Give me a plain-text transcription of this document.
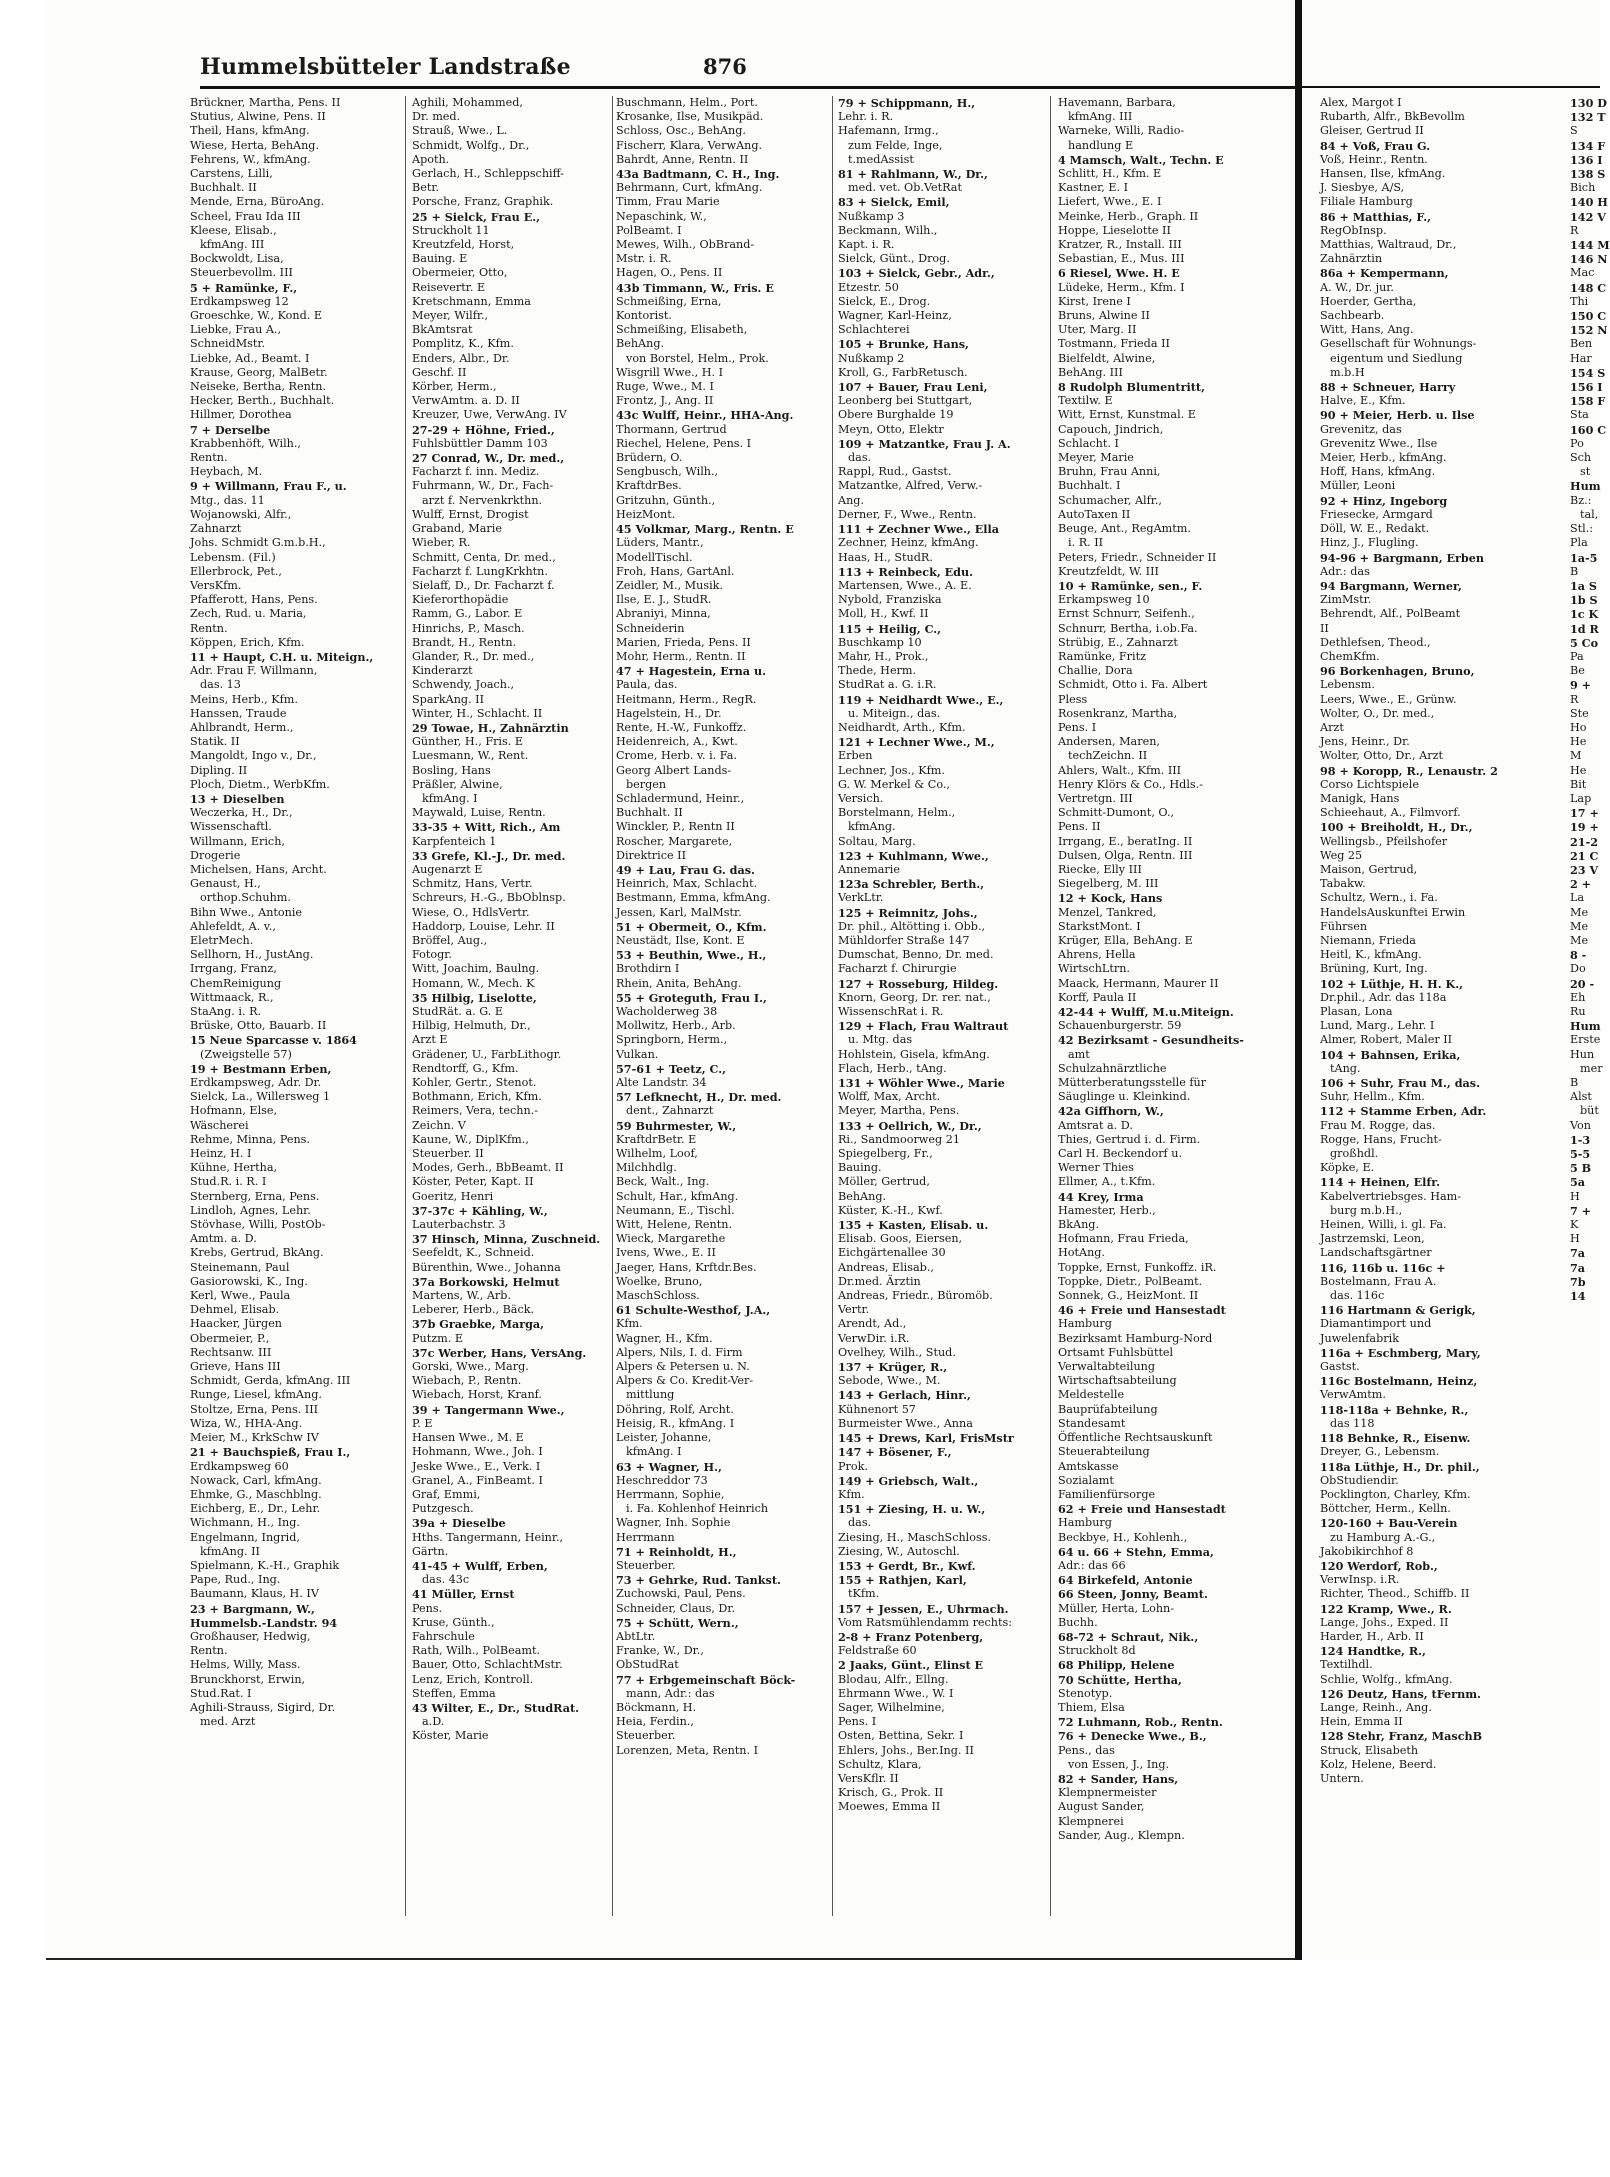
Hummelsbütteler Landstraße	876
Brückner, Martha, Pens. II
Stutius, Alwine, Pens. II
Theil, Hans, kfmAng.
Wiese, Herta, BehAng.
Fehrens, W., kfmAng.
Carstens, Lilli,
Buchhalt. II
Mende, Erna, BüroAng.
Scheel, Frau Ida III
Kleese, Elisab.,
kfmAng. III
Bockwoldt, Lisa,
Steuerbevollm. III
5 + Ramünke, F.,
Erdkampsweg 12
Groeschke, W., Kond. E
Liebke, Frau A.,
SchneidMstr.
Liebke, Ad., Beamt. I
Krause, Georg, MalBetr.
Neiseke, Bertha, Rentn.
Hecker, Berth., Buchhalt.
Hillmer, Dorothea
7 + Derselbe
Krabbenhöft, Wilh.,
Rentn.
Heybach, M.
9 + Willmann, Frau F., u.
Mtg., das. 11
Wojanowski, Alfr.,
Zahnarzt
Johs. Schmidt G.m.b.H.,
Lebensm. (Fil.)
Ellerbrock, Pet.,
VersKfm.
Pfafferott, Hans, Pens.
Zech, Rud. u. Maria,
Rentn.
Köppen, Erich, Kfm.
11 + Haupt, C.H. u. Miteign.,
Adr. Frau F. Willmann,
das. 13
Meins, Herb., Kfm.
Hanssen, Traude
Ahlbrandt, Herm.,
Statik. II
Mangoldt, Ingo v., Dr.,
Dipling. II
Ploch, Dietm., WerbKfm.
13 + Dieselben
Weczerka, H., Dr.,
Wissenschaftl.
Willmann, Erich,
Drogerie
Michelsen, Hans, Archt.
Genaust, H.,
orthop.Schuhm.
Bihn Wwe., Antonie
Ahlefeldt, A. v.,
EletrMech.
Sellhorn, H., JustAng.
Irrgang, Franz,
ChemReinigung
Wittmaack, R.,
StaAng. i. R.
Brüske, Otto, Bauarb. II
15 Neue Sparcasse v. 1864
(Zweigstelle 57)
19 + Bestmann Erben,
Erdkampsweg, Adr. Dr.
Sielck, La., Willersweg 1
Hofmann, Else,
Wäscherei
Rehme, Minna, Pens.
Heinz, H. I
Kühne, Hertha,
Stud.R. i. R. I
Sternberg, Erna, Pens.
Lindloh, Agnes, Lehr.
Stövhase, Willi, PostOb-
Amtm. a. D.
Krebs, Gertrud, BkAng.
Steinemann, Paul
Gasiorowski, K., Ing.
Kerl, Wwe., Paula
Dehmel, Elisab.
Haacker, Jürgen
Obermeier, P.,
Rechtsanw. III
Grieve, Hans III
Schmidt, Gerda, kfmAng. III
Runge, Liesel, kfmAng.
Stoltze, Erna, Pens. III
Wiza, W., HHA-Ang.
Meier, M., KrkSchw IV
21 + Bauchspieß, Frau I.,
Erdkampsweg 60
Nowack, Carl, kfmAng.
Ehmke, G., Maschblng.
Eichberg, E., Dr., Lehr.
Wichmann, H., Ing.
Engelmann, Ingrid,
kfmAng. II
Spielmann, K.-H., Graphik
Pape, Rud., Ing.
Baumann, Klaus, H. IV
23 + Bargmann, W.,
Hummelsb.-Landstr. 94
Großhauser, Hedwig,
Rentn.
Helms, Willy, Mass.
Brunckhorst, Erwin,
Stud.Rat. I
Aghili-Strauss, Sigird, Dr.
med. Arzt
Aghili, Mohammed,
Dr. med.
Strauß, Wwe., L.
Schmidt, Wolfg., Dr.,
Apoth.
Gerlach, H., Schleppschiff-
Betr.
Porsche, Franz, Graphik.
25 + Sielck, Frau E.,
Struckholt 11
Kreutzfeld, Horst,
Bauing. E
Obermeier, Otto,
Reisevertr. E
Kretschmann, Emma
Meyer, Wilfr.,
BkAmtsrat
Pomplitz, K., Kfm.
Enders, Albr., Dr.
Geschf. II
Körber, Herm.,
VerwAmtm. a. D. II
Kreuzer, Uwe, VerwAng. IV
27-29 + Höhne, Fried.,
Fuhlsbüttler Damm 103
27 Conrad, W., Dr. med.,
Facharzt f. inn. Mediz.
Fuhrmann, W., Dr., Fach-
arzt f. Nervenkrkthn.
Wulff, Ernst, Drogist
Graband, Marie
Wieber, R.
Schmitt, Centa, Dr. med.,
Facharzt f. LungKrkhtn.
Sielaff, D., Dr. Facharzt f.
Kieferorthopädie
Ramm, G., Labor. E
Hinrichs, P., Masch.
Brandt, H., Rentn.
Glander, R., Dr. med.,
Kinderarzt
Schwendy, Joach.,
SparkAng. II
Winter, H., Schlacht. II
29 Towae, H., Zahnärztin
Günther, H., Fris. E
Luesmann, W., Rent.
Bosling, Hans
Präßler, Alwine,
kfmAng. I
Maywald, Luise, Rentn.
33-35 + Witt, Rich., Am
Karpfenteich 1
33 Grefe, Kl.-J., Dr. med.
Augenarzt E
Schmitz, Hans, Vertr.
Schreurs, H.-G., BbOblnsp.
Wiese, O., HdlsVertr.
Haddorp, Louise, Lehr. II
Bröffel, Aug.,
Fotogr.
Witt, Joachim, Baulng.
Homann, W., Mech. K
35 Hilbig, Liselotte,
StudRät. a. G. E
Hilbig, Helmuth, Dr.,
Arzt E
Grädener, U., FarbLithogr.
Rendtorff, G., Kfm.
Kohler, Gertr., Stenot.
Bothmann, Erich, Kfm.
Reimers, Vera, techn.-
Zeichn. V
Kaune, W., DiplKfm.,
Steuerber. II
Modes, Gerh., BbBeamt. II
Köster, Peter, Kapt. II
Goeritz, Henri
37-37c + Kähling, W.,
Lauterbachstr. 3
37 Hinsch, Minna, Zuschneid.
Seefeldt, K., Schneid.
Bürenthin, Wwe., Johanna
37a Borkowski, Helmut
Martens, W., Arb.
Leberer, Herb., Bäck.
37b Graebke, Marga,
Putzm. E
37c Werber, Hans, VersAng.
Gorski, Wwe., Marg.
Wiebach, P., Rentn.
Wiebach, Horst, Kranf.
39 + Tangermann Wwe.,
P. E
Hansen Wwe., M. E
Hohmann, Wwe., Joh. I
Jeske Wwe., E., Verk. I
Granel, A., FinBeamt. I
Graf, Emmi,
Putzgesch.
39a + Dieselbe
Hths. Tangermann, Heinr.,
Gärtn.
41-45 + Wulff, Erben,
das. 43c
41 Müller, Ernst
Pens.
Kruse, Günth.,
Fahrschule
Rath, Wilh., PolBeamt.
Bauer, Otto, SchlachtMstr.
Lenz, Erich, Kontroll.
Steffen, Emma
43 Wilter, E., Dr., StudRat.
a.D.
Köster, Marie
Buschmann, Helm., Port.
Krosanke, Ilse, Musikpäd.
Schloss, Osc., BehAng.
Fischerr, Klara, VerwAng.
Bahrdt, Anne, Rentn. II
43a Badtmann, C. H., Ing.
Behrmann, Curt, kfmAng.
Timm, Frau Marie
Nepaschink, W.,
PolBeamt. I
Mewes, Wilh., ObBrand-
Mstr. i. R.
Hagen, O., Pens. II
43b Timmann, W., Fris. E
Schmeißing, Erna,
Kontorist.
Schmeißing, Elisabeth,
BehAng.
von Borstel, Helm., Prok.
Wisgrill Wwe., H. I
Ruge, Wwe., M. I
Frontz, J., Ang. II
43c Wulff, Heinr., HHA-Ang.
Thormann, Gertrud
Riechel, Helene, Pens. I
Brüdern, O.
Sengbusch, Wilh.,
KraftdrBes.
Gritzuhn, Günth.,
HeizMont.
45 Volkmar, Marg., Rentn. E
Lüders, Mantr.,
ModellTischl.
Froh, Hans, GartAnl.
Zeidler, M., Musik.
Ilse, E. J., StudR.
Abraniyi, Minna,
Schneiderin
Marien, Frieda, Pens. II
Mohr, Herm., Rentn. II
47 + Hagestein, Erna u.
Paula, das.
Heitmann, Herm., RegR.
Hagelstein, H., Dr.
Rente, H.-W., Funkoffz.
Heidenreich, A., Kwt.
Crome, Herb. v. i. Fa.
Georg Albert Lands-
bergen
Schladermund, Heinr.,
Buchhalt. II
Winckler, P., Rentn II
Roscher, Margarete,
Direktrice II
49 + Lau, Frau G. das.
Heinrich, Max, Schlacht.
Bestmann, Emma, kfmAng.
Jessen, Karl, MalMstr.
51 + Obermeit, O., Kfm.
Neustädt, Ilse, Kont. E
53 + Beuthin, Wwe., H.,
Brothdirn I
Rhein, Anita, BehAng.
55 + Groteguth, Frau I.,
Wacholderweg 38
Mollwitz, Herb., Arb.
Springborn, Herm.,
Vulkan.
57-61 + Teetz, C.,
Alte Landstr. 34
57 Lefknecht, H., Dr. med.
dent., Zahnarzt
59 Buhrmester, W.,
KraftdrBetr. E
Wilhelm, Loof,
Milchhdlg.
Beck, Walt., Ing.
Schult, Har., kfmAng.
Neumann, E., Tischl.
Witt, Helene, Rentn.
Wieck, Margarethe
Ivens, Wwe., E. II
Jaeger, Hans, Krftdr.Bes.
Woelke, Bruno,
MaschSchloss.
61 Schulte-Westhof, J.A.,
Kfm.
Wagner, H., Kfm.
Alpers, Nils, I. d. Firm
Alpers & Petersen u. N.
Alpers & Co. Kredit-Ver-
mittlung
Döhring, Rolf, Archt.
Heisig, R., kfmAng. I
Leister, Johanne,
kfmAng. I
63 + Wagner, H.,
Heschreddor 73
Herrmann, Sophie,
i. Fa. Kohlenhof Heinrich
Wagner, Inh. Sophie
Herrmann
71 + Reinholdt, H.,
Steuerber.
73 + Gehrke, Rud. Tankst.
Zuchowski, Paul, Pens.
Schneider, Claus, Dr.
75 + Schütt, Wern.,
AbtLtr.
Franke, W., Dr.,
ObStudRat
77 + Erbgemeinschaft Böck-
mann, Adr.: das
Böckmann, H.
Heia, Ferdin.,
Steuerber.
Lorenzen, Meta, Rentn. I
79 + Schippmann, H.,
Lehr. i. R.
Hafemann, Irmg.,
zum Felde, Inge,
t.medAssist
81 + Rahlmann, W., Dr.,
med. vet. Ob.VetRat
83 + Sielck, Emil,
Nußkamp 3
Beckmann, Wilh.,
Kapt. i. R.
Sielck, Günt., Drog.
103 + Sielck, Gebr., Adr.,
Etzestr. 50
Sielck, E., Drog.
Wagner, Karl-Heinz,
Schlachterei
105 + Brunke, Hans,
Nußkamp 2
Kroll, G., FarbRetusch.
107 + Bauer, Frau Leni,
Leonberg bei Stuttgart,
Obere Burghalde 19
Meyn, Otto, Elektr
109 + Matzantke, Frau J. A.
das.
Rappl, Rud., Gastst.
Matzantke, Alfred, Verw.-
Ang.
Derner, F., Wwe., Rentn.
111 + Zechner Wwe., Ella
Zechner, Heinz, kfmAng.
Haas, H., StudR.
113 + Reinbeck, Edu.
Martensen, Wwe., A. E.
Nybold, Franziska
Moll, H., Kwf. II
115 + Heilig, C.,
Buschkamp 10
Mahr, H., Prok.,
Thede, Herm.
StudRat a. G. i.R.
119 + Neidhardt Wwe., E.,
u. Miteign., das.
Neidhardt, Arth., Kfm.
121 + Lechner Wwe., M.,
Erben
Lechner, Jos., Kfm.
G. W. Merkel & Co.,
Versich.
Borstelmann, Helm.,
kfmAng.
Soltau, Marg.
123 + Kuhlmann, Wwe.,
Annemarie
123a Schrebler, Berth.,
VerkLtr.
125 + Reimnitz, Johs.,
Dr. phil., Altötting i. Obb.,
Mühldorfer Straße 147
Dumschat, Benno, Dr. med.
Facharzt f. Chirurgie
127 + Rosseburg, Hildeg.
Knorn, Georg, Dr. rer. nat.,
WissenschRat i. R.
129 + Flach, Frau Waltraut
u. Mtg. das
Hohlstein, Gisela, kfmAng.
Flach, Herb., tAng.
131 + Wöhler Wwe., Marie
Wolff, Max, Archt.
Meyer, Martha, Pens.
133 + Oellrich, W., Dr.,
Ri., Sandmoorweg 21
Spiegelberg, Fr.,
Bauing.
Möller, Gertrud,
BehAng.
Küster, K.-H., Kwf.
135 + Kasten, Elisab. u.
Elisab. Goos, Eiersen,
Eichgärtenallee 30
Andreas, Elisab.,
Dr.med. Ärztin
Andreas, Friedr., Büromöb.
Vertr.
Arendt, Ad.,
VerwDir. i.R.
Ovelhey, Wilh., Stud.
137 + Krüger, R.,
Sebode, Wwe., M.
143 + Gerlach, Hinr.,
Kühnenort 57
Burmeister Wwe., Anna
145 + Drews, Karl, FrisMstr
147 + Bösener, F.,
Prok.
149 + Griebsch, Walt.,
Kfm.
151 + Ziesing, H. u. W.,
das.
Ziesing, H., MaschSchloss.
Ziesing, W., Autoschl.
153 + Gerdt, Br., Kwf.
155 + Rathjen, Karl,
tKfm.
157 + Jessen, E., Uhrmach.
Vom Ratsmühlendamm rechts:
2-8 + Franz Potenberg,
Feldstraße 60
2 Jaaks, Günt., Elinst E
Blodau, Alfr., Ellng.
Ehrmann Wwe., W. I
Sager, Wilhelmine,
Pens. I
Osten, Bettina, Sekr. I
Ehlers, Johs., Ber.Ing. II
Schultz, Klara,
VersKflr. II
Krisch, G., Prok. II
Moewes, Emma II
Havemann, Barbara,
kfmAng. III
Warneke, Willi, Radio-
handlung E
4 Mamsch, Walt., Techn. E
Schlitt, H., Kfm. E
Kastner, E. I
Liefert, Wwe., E. I
Meinke, Herb., Graph. II
Hoppe, Lieselotte II
Kratzer, R., Install. III
Sebastian, E., Mus. III
6 Riesel, Wwe. H. E
Lüdeke, Herm., Kfm. I
Kirst, Irene I
Bruns, Alwine II
Uter, Marg. II
Tostmann, Frieda II
Bielfeldt, Alwine,
BehAng. III
8 Rudolph Blumentritt,
Textilw. E
Witt, Ernst, Kunstmal. E
Capouch, Jindrich,
Schlacht. I
Meyer, Marie
Bruhn, Frau Anni,
Buchhalt. I
Schumacher, Alfr.,
AutoTaxen II
Beuge, Ant., RegAmtm.
i. R. II
Peters, Friedr., Schneider II
Kreutzfeldt, W. III
10 + Ramünke, sen., F.
Erkampsweg 10
Ernst Schnurr, Seifenh.,
Schnurr, Bertha, i.ob.Fa.
Strübig, E., Zahnarzt
Ramünke, Fritz
Challie, Dora
Schmidt, Otto i. Fa. Albert
Pless
Rosenkranz, Martha,
Pens. I
Andersen, Maren,
techZeichn. II
Ahlers, Walt., Kfm. III
Henry Klörs & Co., Hdls.-
Vertretgn. III
Schmitt-Dumont, O.,
Pens. II
Irrgang, E., beratIng. II
Dulsen, Olga, Rentn. III
Riecke, Elly III
Siegelberg, M. III
12 + Kock, Hans
Menzel, Tankred,
StarkstMont. I
Krüger, Ella, BehAng. E
Ahrens, Hella
WirtschLtrn.
Maack, Hermann, Maurer II
Korff, Paula II
42-44 + Wulff, M.u.Miteign.
Schauenburgerstr. 59
42 Bezirksamt - Gesundheits-
amt
Schulzahnärztliche
Mütterberatungsstelle für
Säuglinge u. Kleinkind.
42a Giffhorn, W.,
Amtsrat a. D.
Thies, Gertrud i. d. Firm.
Carl H. Beckendorf u.
Werner Thies
Ellmer, A., t.Kfm.
44 Krey, Irma
Hamester, Herb.,
BkAng.
Hofmann, Frau Frieda,
HotAng.
Toppke, Ernst, Funkoffz. iR.
Toppke, Dietr., PolBeamt.
Sonnek, G., HeizMont. II
46 + Freie und Hansestadt
Hamburg
Bezirksamt Hamburg-Nord
Ortsamt Fuhlsbüttel
Verwaltabteilung
Wirtschaftsabteilung
Meldestelle
Bauprüfabteilung
Standesamt
Öffentliche Rechtsauskunft
Steuerabteilung
Amtskasse
Sozialamt
Familienfürsorge
62 + Freie und Hansestadt
Hamburg
Beckbye, H., Kohlenh.,
64 u. 66 + Stehn, Emma,
Adr.: das 66
64 Birkefeld, Antonie
66 Steen, Jonny, Beamt.
Müller, Herta, Lohn-
Buchh.
68-72 + Schraut, Nik.,
Struckholt 8d
68 Philipp, Helene
70 Schütte, Hertha,
Stenotyp.
Thiem, Elsa
72 Luhmann, Rob., Rentn.
76 + Denecke Wwe., B.,
Pens., das
von Essen, J., Ing.
82 + Sander, Hans,
Klempnermeister
August Sander,
Klempnerei
Sander, Aug., Klempn.
Alex, Margot I
Rubarth, Alfr., BkBevollm
Gleiser, Gertrud II
84 + Voß, Frau G.
Voß, Heinr., Rentn.
Hansen, Ilse, kfmAng.
J. Siesbye, A/S,
Filiale Hamburg
86 + Matthias, F.,
RegObInsp.
Matthias, Waltraud, Dr.,
Zahnärztin
86a + Kempermann,
A. W., Dr. jur.
Hoerder, Gertha,
Sachbearb.
Witt, Hans, Ang.
Gesellschaft für Wohnungs-
eigentum und Siedlung
m.b.H
88 + Schneuer, Harry
Halve, E., Kfm.
90 + Meier, Herb. u. Ilse
Grevenitz, das
Grevenitz Wwe., Ilse
Meier, Herb., kfmAng.
Hoff, Hans, kfmAng.
Müller, Leoni
92 + Hinz, Ingeborg
Friesecke, Armgard
Döll, W. E., Redakt.
Hinz, J., Flugling.
94-96 + Bargmann, Erben
Adr.: das
94 Bargmann, Werner,
ZimMstr.
Behrendt, Alf., PolBeamt
II
Dethlefsen, Theod.,
ChemKfm.
96 Borkenhagen, Bruno,
Lebensm.
Leers, Wwe., E., Grünw.
Wolter, O., Dr. med.,
Arzt
Jens, Heinr., Dr.
Wolter, Otto, Dr., Arzt
98 + Koropp, R., Lenaustr. 2
Corso Lichtspiele
Manigk, Hans
Schieehaut, A., Filmvorf.
100 + Breiholdt, H., Dr.,
Wellingsb., Pfeilshofer
Weg 25
Maison, Gertrud,
Tabakw.
Schultz, Wern., i. Fa.
HandelsAuskunftei Erwin
Führsen
Niemann, Frieda
Heitl, K., kfmAng.
Brüning, Kurt, Ing.
102 + Lüthje, H. H. K.,
Dr.phil., Adr. das 118a
Plasan, Lona
Lund, Marg., Lehr. I
Almer, Robert, Maler II
104 + Bahnsen, Erika,
tAng.
106 + Suhr, Frau M., das.
Suhr, Hellm., Kfm.
112 + Stamme Erben, Adr.
Frau M. Rogge, das.
Rogge, Hans, Frucht-
großhdl.
Köpke, E.
114 + Heinen, Elfr.
Kabelvertriebsges. Ham-
burg m.b.H.,
Heinen, Willi, i. gl. Fa.
Jastrzemski, Leon,
Landschaftsgärtner
116, 116b u. 116c +
Bostelmann, Frau A.
das. 116c
116 Hartmann & Gerigk,
Diamantimport und
Juwelenfabrik
116a + Eschmberg, Mary,
Gastst.
116c Bostelmann, Heinz,
VerwAmtm.
118-118a + Behnke, R.,
das 118
118 Behnke, R., Eisenw.
Dreyer, G., Lebensm.
118a Lüthje, H., Dr. phil.,
ObStudiendir.
Pocklington, Charley, Kfm.
Böttcher, Herm., Kelln.
120-160 + Bau-Verein
zu Hamburg A.-G.,
Jakobikirchhof 8
120 Werdorf, Rob.,
VerwInsp. i.R.
Richter, Theod., Schiffb. II
122 Kramp, Wwe., R.
Lange, Johs., Exped. II
Harder, H., Arb. II
124 Handtke, R.,
Textilhdl.
Schlie, Wolfg., kfmAng.
126 Deutz, Hans, tFernm.
Lange, Reinh., Ang.
Hein, Emma II
128 Stehr, Franz, MaschB
Struck, Elisabeth
Kolz, Helene, Beerd.
Untern.
130 D
132 T
S
134 F
136 I
138 S
Bich
140 H
142 V
R
144 M
146 N
Mac
148 C
Thi
150 C
152 N
Ben
Har
154 S
156 I
158 F
Sta
160 C
Po
Sch
st
Hum
Bz.:
tal,
Stl.:
Pla
1a-5
B
1a S
1b S
1c K
1d R
5 Co
Pa
Be
9 +
R
Ste
Ho
He
M
He
Bit
Lap
17 +
19 +
21-2
21 C
23 V
2 +
La
Me
Me
Me
8 -
Do
20 -
Eh
Ru
Hum
Erste
Hun
mer
B
Alst
büt
Von
1-3
5-5
5 B
5a
H
7 +
K
H
7a
7a
7b
14
